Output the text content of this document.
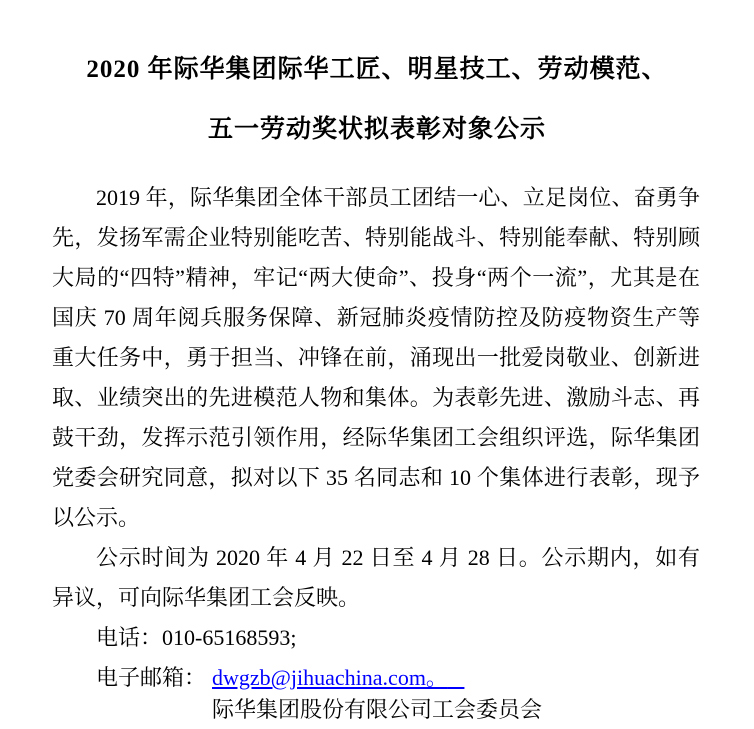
2020 年际华集团际华工匠、明星技工、劳动模范、
五一劳动奖状拟表彰对象公示

2019 年，际华集团全体干部员工团结一心、立足岗位、奋勇争先，发扬军需企业特别能吃苦、特别能战斗、特别能奉献、特别顾大局的“四特”精神，牢记“两大使命”、投身“两个一流”，尤其是在国庆 70 周年阅兵服务保障、新冠肺炎疫情防控及防疫物资生产等重大任务中，勇于担当、冲锋在前，涌现出一批爱岗敬业、创新进取、业绩突出的先进模范人物和集体。为表彰先进、激励斗志、再鼓干劲，发挥示范引领作用，经际华集团工会组织评选，际华集团党委会研究同意，拟对以下 35 名同志和 10 个集体进行表彰，现予以公示。

公示时间为 2020 年 4 月 22 日至 4 月 28 日。公示期内，如有异议，可向际华集团工会反映。

电话：010-65168593;

电子邮箱： dwgzb@jihuachina.com。

际华集团股份有限公司工会委员会
